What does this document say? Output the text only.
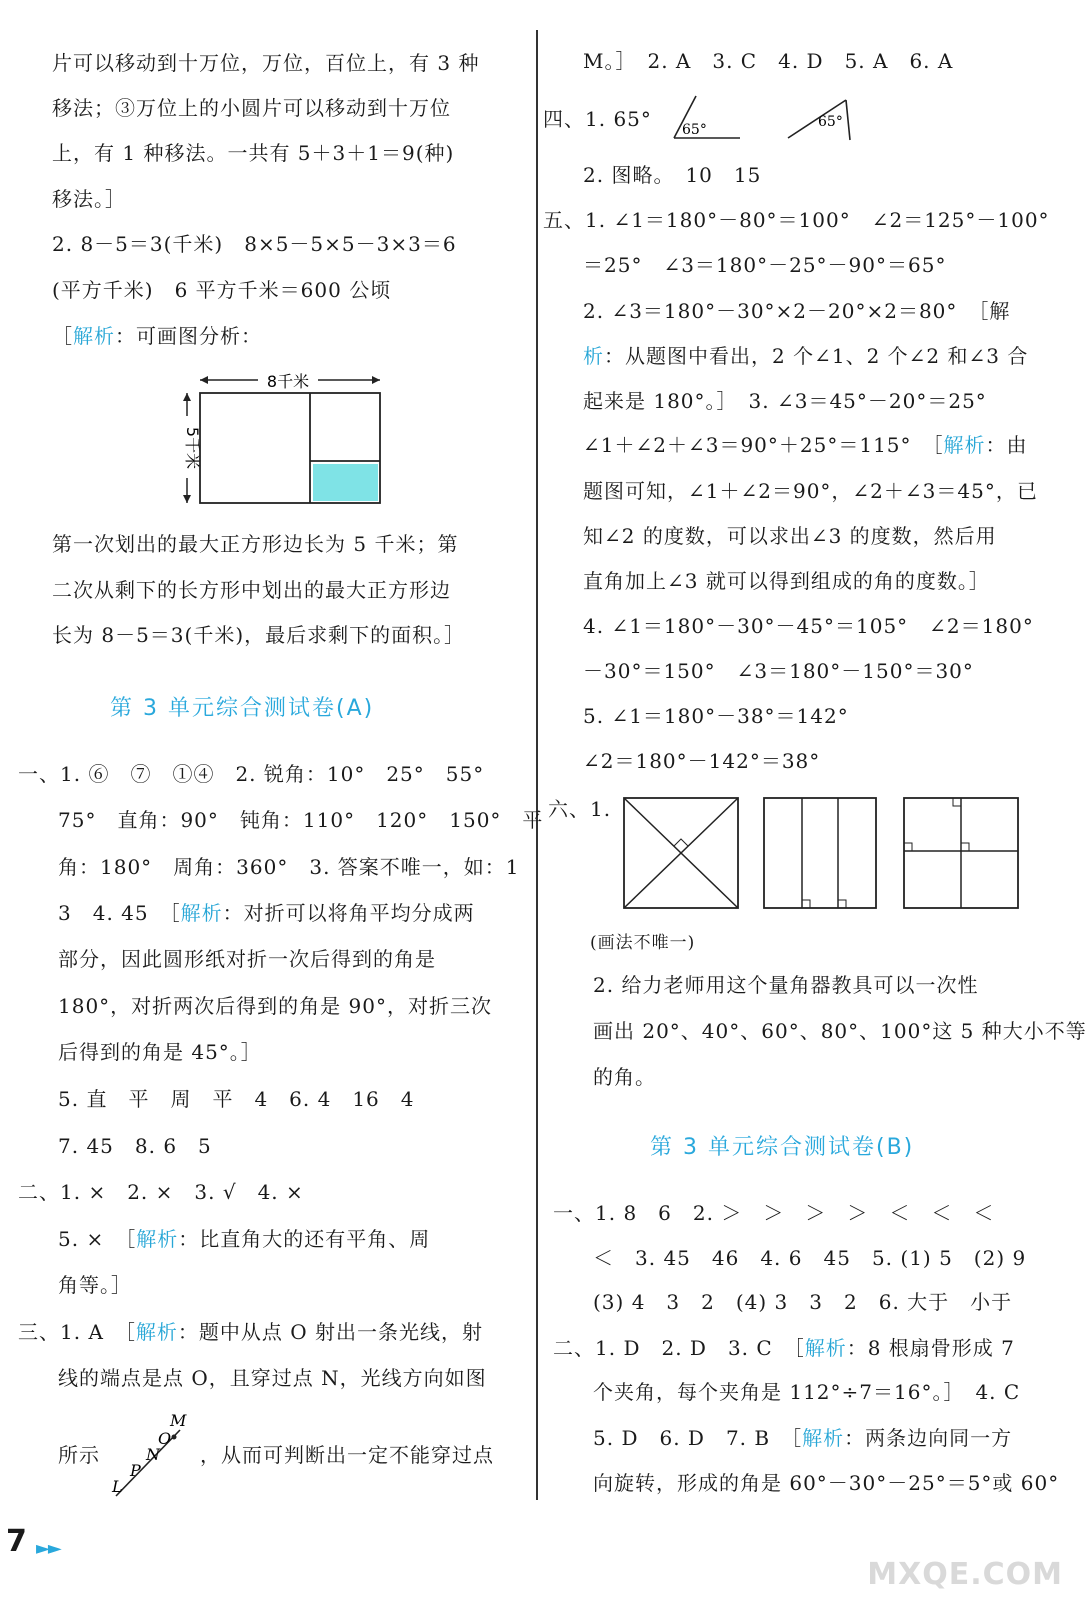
片可以移动到十万位，万位，百位上，有 3 种
移法；③万位上的小圆片可以移动到十万位
上，有 1 种移法。一共有 5＋3＋1＝9(种)
移法。］
2. 8－5＝3(千米)　8×5－5×5－3×3＝6
(平方千米)　6 平方千米＝600 公顷
［解析：可画图分析：
8千米
5千米
第一次划出的最大正方形边长为 5 千米；第
二次从剩下的长方形中划出的最大正方形边
长为 8－5＝3(千米)，最后求剩下的面积。］
第 3 单元综合测试卷(A)
一、1. ⑥　⑦　①④　2. 锐角：10°　25°　55°
75°　直角：90°　钝角：110°　120°　150°　平
角：180°　周角：360°　3. 答案不唯一，如：1
3　4. 45　［解析：对折可以将角平均分成两
部分，因此圆形纸对折一次后得到的角是
180°，对折两次后得到的角是 90°，对折三次
后得到的角是 45°。］
5. 直　平　周　平　4　6. 4　16　4
7. 45　8. 6　5
二、1. ×　2. ×　3. √　4. ×
5. ×　［解析：比直角大的还有平角、周
角等。］
三、1. A　［解析：题中从点 O 射出一条光线，射
线的端点是点 O，且穿过点 N，光线方向如图
所示
L
P
N
O
M
，从而可判断出一定不能穿过点
M。］　2. A　3. C　4. D　5. A　6. A
四、1. 65° 65°	65°
2. 图略。　10　15
五、1. ∠1＝180°－80°＝100°　∠2＝125°－100°
＝25°　∠3＝180°－25°－90°＝65°
2. ∠3＝180°－30°×2－20°×2＝80°　［解
析：从题图中看出，2 个∠1、2 个∠2 和∠3 合
起来是 180°。］　3. ∠3＝45°－20°＝25°
∠1＋∠2＋∠3＝90°＋25°＝115°　［解析：由
题图可知，∠1＋∠2＝90°，∠2＋∠3＝45°，已
知∠2 的度数，可以求出∠3 的度数，然后用
直角加上∠3 就可以得到组成的角的度数。］
4. ∠1＝180°－30°－45°＝105°　∠2＝180°
－30°＝150°　∠3＝180°－150°＝30°
5. ∠1＝180°－38°＝142°
∠2＝180°－142°＝38°
六、1.
(画法不唯一)
2. 给力老师用这个量角器教具可以一次性
画出 20°、40°、60°、80°、100°这 5 种大小不等
的角。
第 3 单元综合测试卷(B)
一、1. 8　6　2. ＞　＞　＞　＞　＜　＜　＜
＜　3. 45　46　4. 6　45　5. (1) 5　(2) 9
(3) 4　3　2　(4) 3　3　2　6. 大于　小于
二、1. D　2. D　3. C　［解析：8 根扇骨形成 7
个夹角，每个夹角是 112°÷7＝16°。］　4. C
5. D　6. D　7. B　［解析：两条边向同一方
向旋转，形成的角是 60°－30°－25°＝5°或 60°
7 ►►
MXQE.COM
